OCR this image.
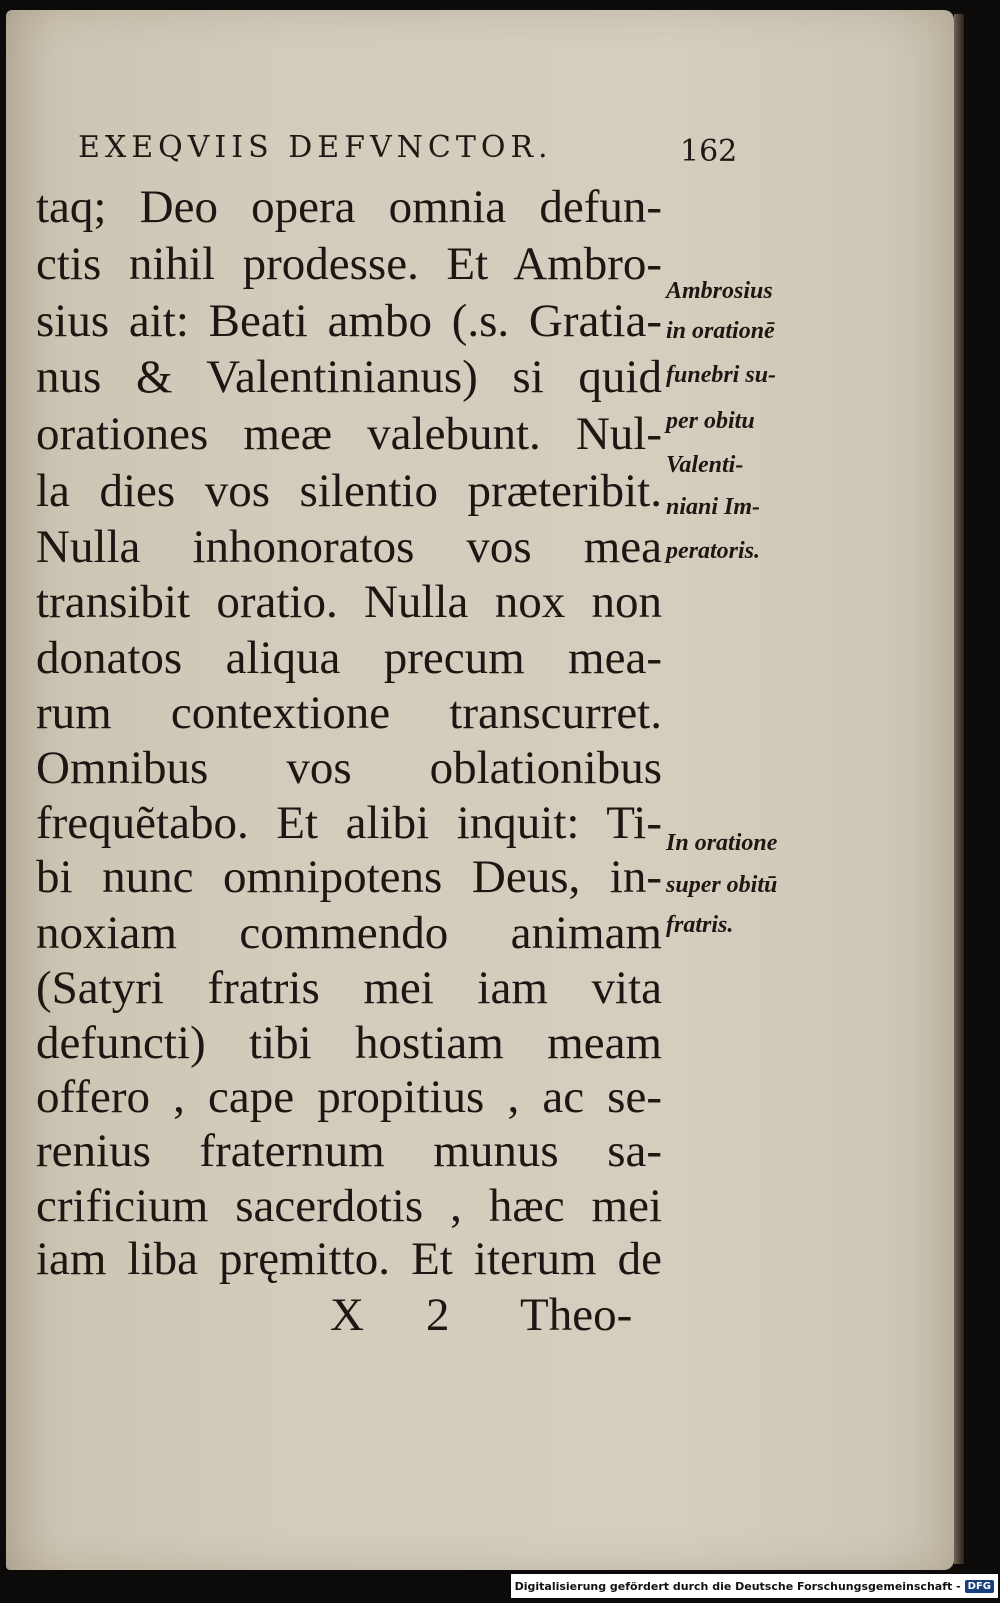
EXEQVIIS DEFVNCTOR.	162
taq; Deo opera omnia defun-
ctis nihil prodesse. Et Ambro-
sius ait: Beati ambo (.s. Gratia-
nus & Valentinianus) si quid
orationes meæ valebunt. Nul-
la dies vos silentio præteribit.
Nulla inhonoratos vos mea
transibit oratio. Nulla nox non
donatos aliqua precum mea-
rum contextione transcurret.
Omnibus vos oblationibus
frequẽtabo. Et alibi inquit: Ti-
bi nunc omnipotens Deus, in-
noxiam commendo animam
(Satyri fratris mei iam vita
defuncti) tibi hostiam meam
offero , cape propitius , ac se-
renius fraternum munus sa-
crificium sacerdotis , hæc mei
iam liba pręmitto. Et iterum de
Ambrosius
in orationē
funebri su-
per obitu
Valenti-
niani Im-
peratoris.
In oratione
super obitū
fratris.
X 2 Theo-
Digitalisierung gefördert durch die Deutsche Forschungsgemeinschaft - DFG
